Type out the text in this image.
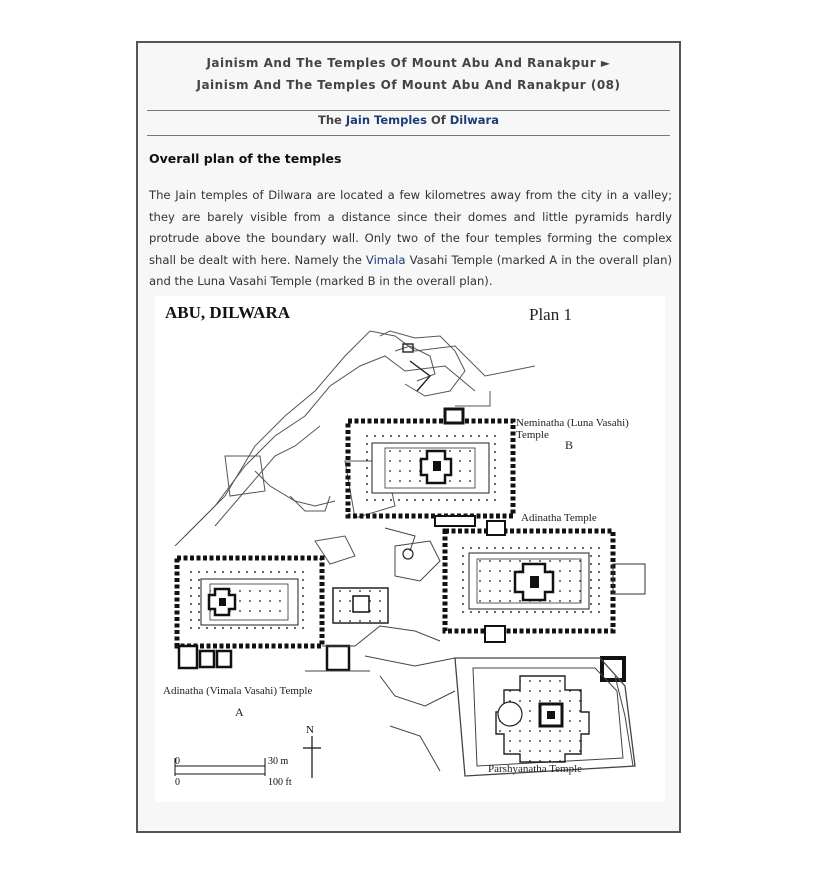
Jainism And The Temples Of Mount Abu And Ranakpur ►
Jainism And The Temples Of Mount Abu And Ranakpur (08)
The Jain Temples Of Dilwara
Overall plan of the temples
The Jain temples of Dilwara are located a few kilometres away from the city in a valley; they are barely visible from a distance since their domes and little pyramids hardly protrude above the boundary wall. Only two of the four temples forming the complex shall be dealt with here. Namely the Vimala Vasahi Temple (marked A in the overall plan) and the Luna Vasahi Temple (marked B in the overall plan).
ABU, DILWARA	Plan 1
Neminatha (Luna Vasahi)
Temple
B
Adinatha Temple
Parshyanatha Temple
Adinatha (Vimala Vasahi) Temple
A
N
0	30 m
0	100 ft
